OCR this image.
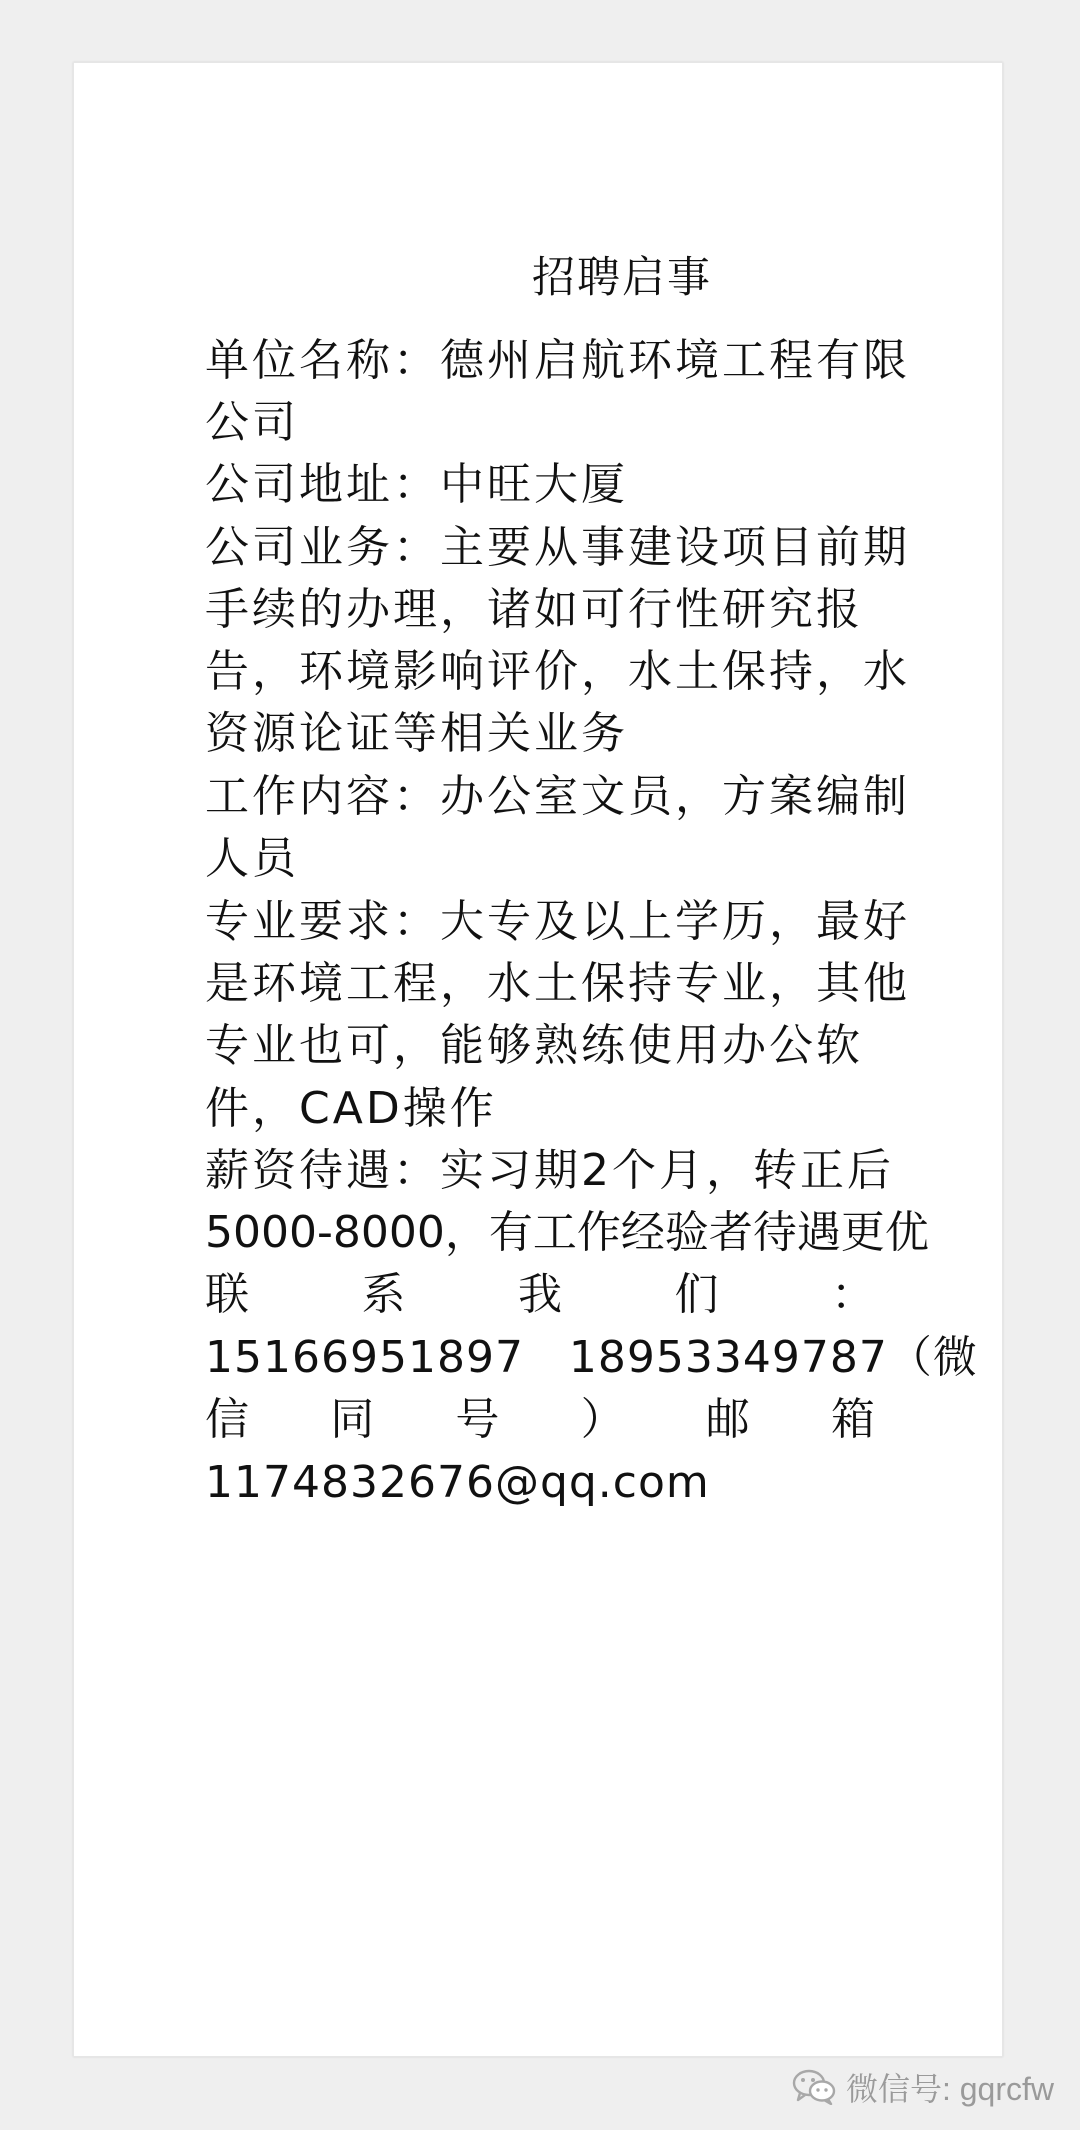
招聘启事
单位名称：德州启航环境工程有限
公司
公司地址：中旺大厦
公司业务：主要从事建设项目前期
手续的办理，诸如可行性研究报
告，环境影响评价，水土保持，水
资源论证等相关业务
工作内容：办公室文员，方案编制
人员
专业要求：大专及以上学历，最好
是环境工程，水土保持专业，其他
专业也可，能够熟练使用办公软
件，CAD操作
薪资待遇：实习期2个月，转正后
5000-8000，有工作经验者待遇更优
联	系	我	们	：
15166951897　18953349787（微
信 同 号 ） 邮 箱
1174832676@qq.com
微信号: gqrcfw
